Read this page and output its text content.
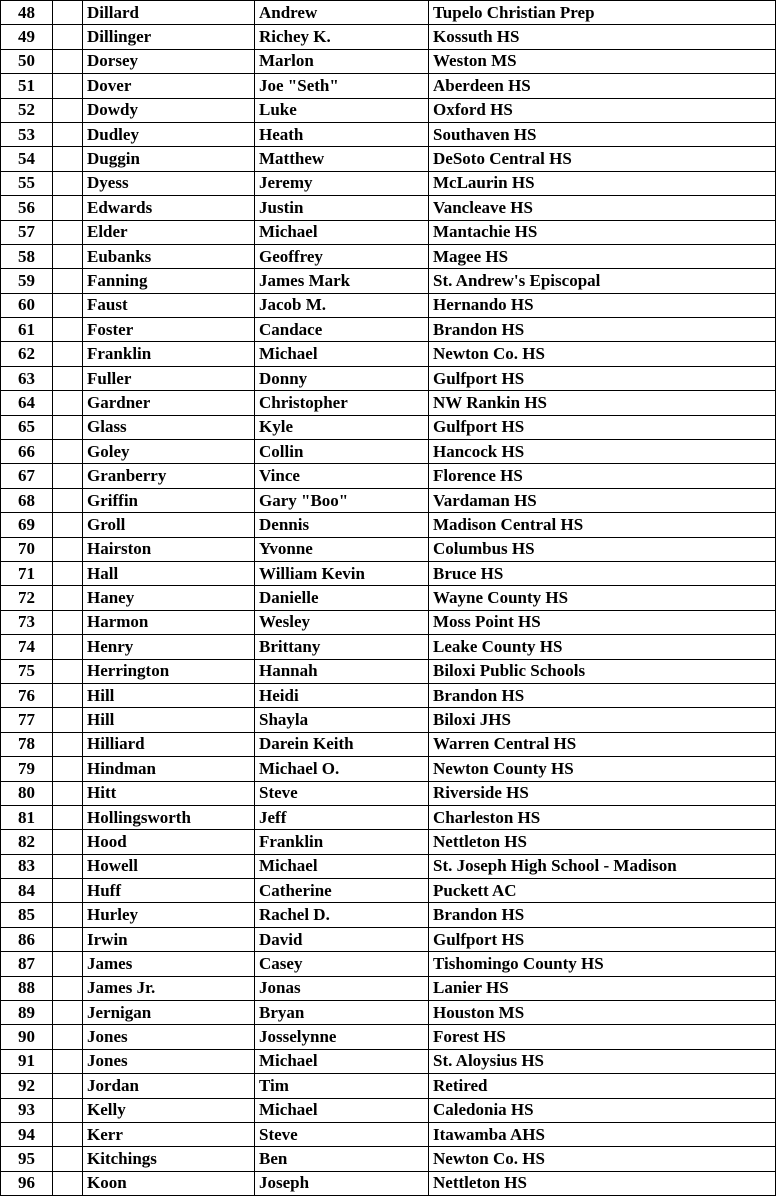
48		Dillard	Andrew	Tupelo Christian Prep
49		Dillinger	Richey K.	Kossuth HS
50		Dorsey	Marlon	Weston MS
51		Dover	Joe "Seth"	Aberdeen HS
52		Dowdy	Luke	Oxford HS
53		Dudley	Heath	Southaven HS
54		Duggin	Matthew	DeSoto Central HS
55		Dyess	Jeremy	McLaurin HS
56		Edwards	Justin	Vancleave HS
57		Elder	Michael	Mantachie HS
58		Eubanks	Geoffrey	Magee HS
59		Fanning	James Mark	St. Andrew's Episcopal
60		Faust	Jacob M.	Hernando HS
61		Foster	Candace	Brandon HS
62		Franklin	Michael	Newton Co. HS
63		Fuller	Donny	Gulfport HS
64		Gardner	Christopher	NW Rankin HS
65		Glass	Kyle	Gulfport HS
66		Goley	Collin	Hancock HS
67		Granberry	Vince	Florence HS
68		Griffin	Gary "Boo"	Vardaman HS
69		Groll	Dennis	Madison Central HS
70		Hairston	Yvonne	Columbus HS
71		Hall	William Kevin	Bruce HS
72		Haney	Danielle	Wayne County HS
73		Harmon	Wesley	Moss Point HS
74		Henry	Brittany	Leake County HS
75		Herrington	Hannah	Biloxi Public Schools
76		Hill	Heidi	Brandon HS
77		Hill	Shayla	Biloxi JHS
78		Hilliard	Darein Keith	Warren Central HS
79		Hindman	Michael O.	Newton County HS
80		Hitt	Steve	Riverside HS
81		Hollingsworth	Jeff	Charleston HS
82		Hood	Franklin	Nettleton HS
83		Howell	Michael	St. Joseph High School - Madison
84		Huff	Catherine	Puckett AC
85		Hurley	Rachel D.	Brandon HS
86		Irwin	David	Gulfport HS
87		James	Casey	Tishomingo County HS
88		James Jr.	Jonas	Lanier HS
89		Jernigan	Bryan	Houston MS
90		Jones	Josselynne	Forest HS
91		Jones	Michael	St. Aloysius HS
92		Jordan	Tim	Retired
93		Kelly	Michael	Caledonia HS
94		Kerr	Steve	Itawamba AHS
95		Kitchings	Ben	Newton Co. HS
96		Koon	Joseph	Nettleton HS
